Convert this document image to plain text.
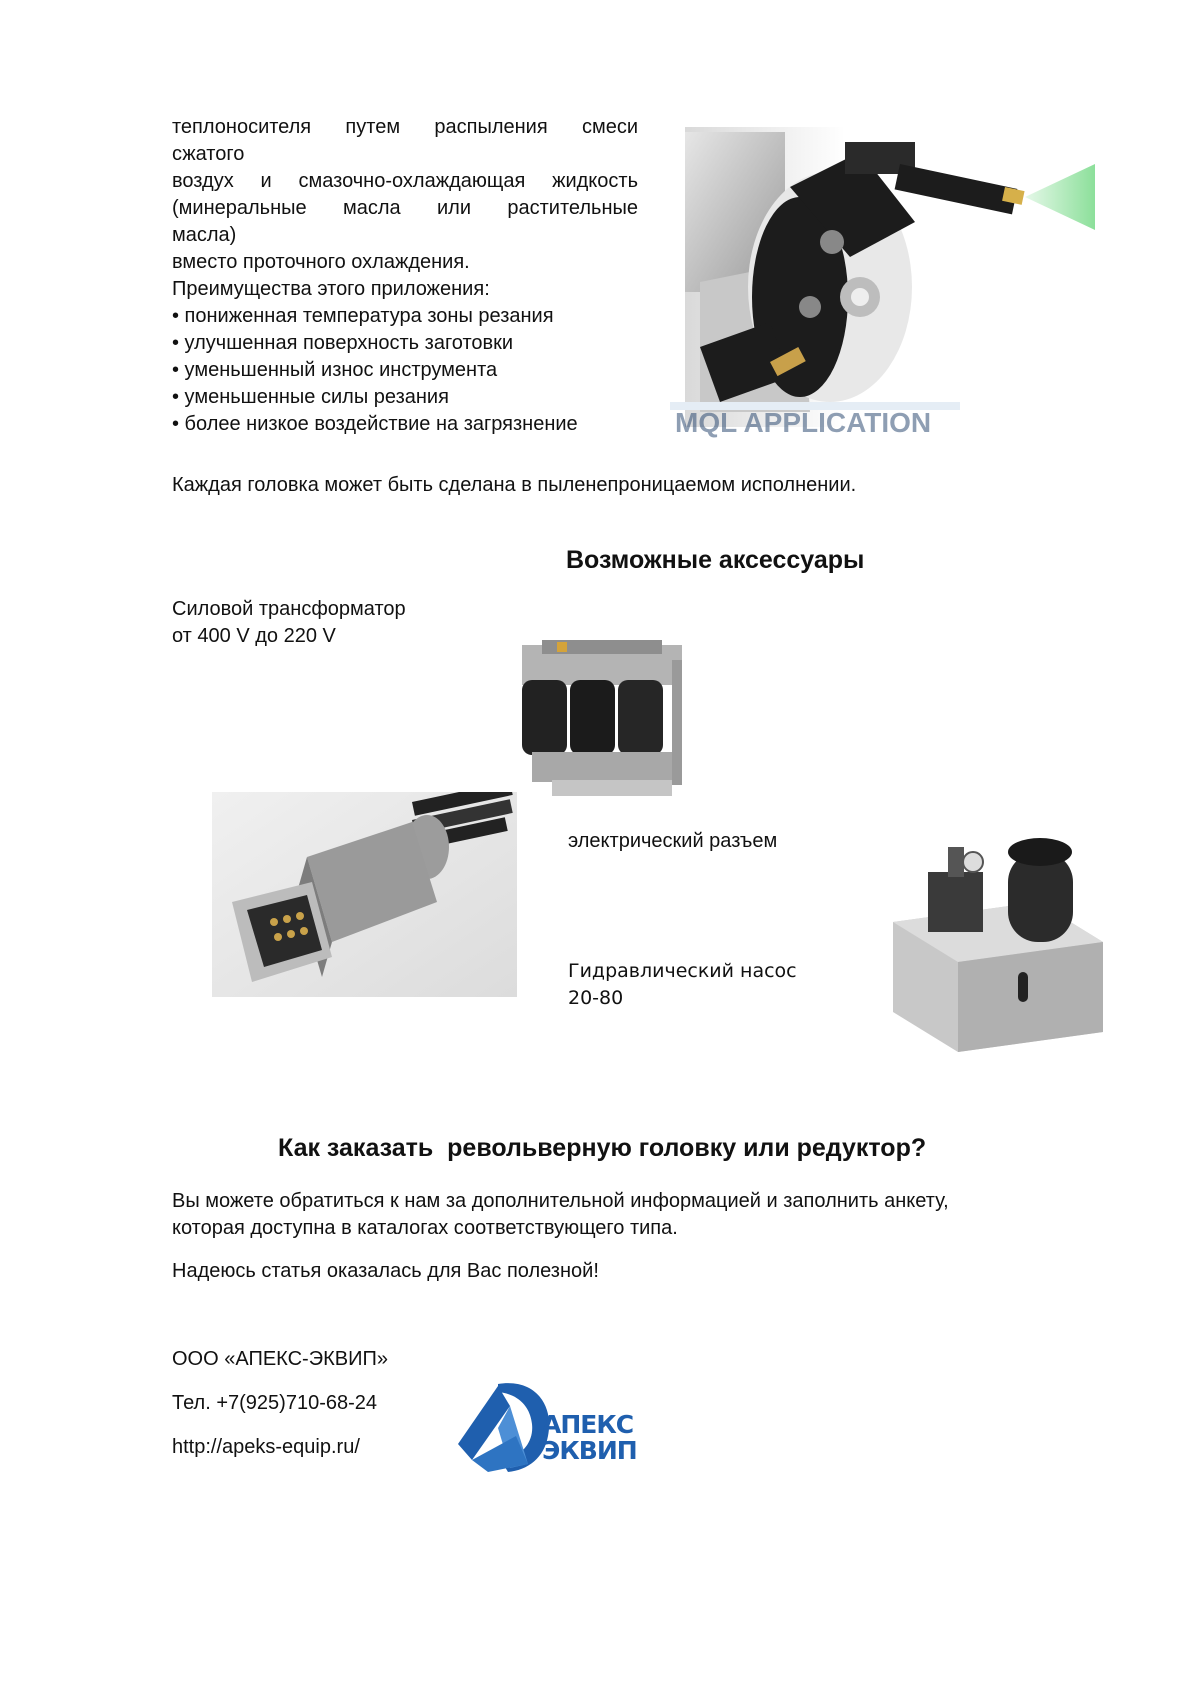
теплоносителя путем распыления смеси
сжатого
воздух и смазочно-охлаждающая жидкость
(минеральные масла или растительные
масла)
вместо проточного охлаждения.
Преимущества этого приложения:
• пониженная температура зоны резания
• улучшенная поверхность заготовки
• уменьшенный износ инструмента
• уменьшенные силы резания
• более низкое воздействие на загрязнение	MQL APPLICATION
Каждая головка может быть сделана в пыленепроницаемом исполнении.
Возможные аксессуары
Силовой трансформатор
от 400 V до 220 V
электрический разъем
Гидравлический насос
20-80
Как заказать  револьверную головку или редуктор?
Вы можете обратиться к нам за дополнительной информацией и заполнить анкету,
которая доступна в каталогах соответствующего типа.
Надеюсь статья оказалась для Вас полезной!
ООО «АПЕКС-ЭКВИП»
Тел. +7(925)710-68-24
http://apeks-equip.ru/
АПЕКС
ЭКВИП
